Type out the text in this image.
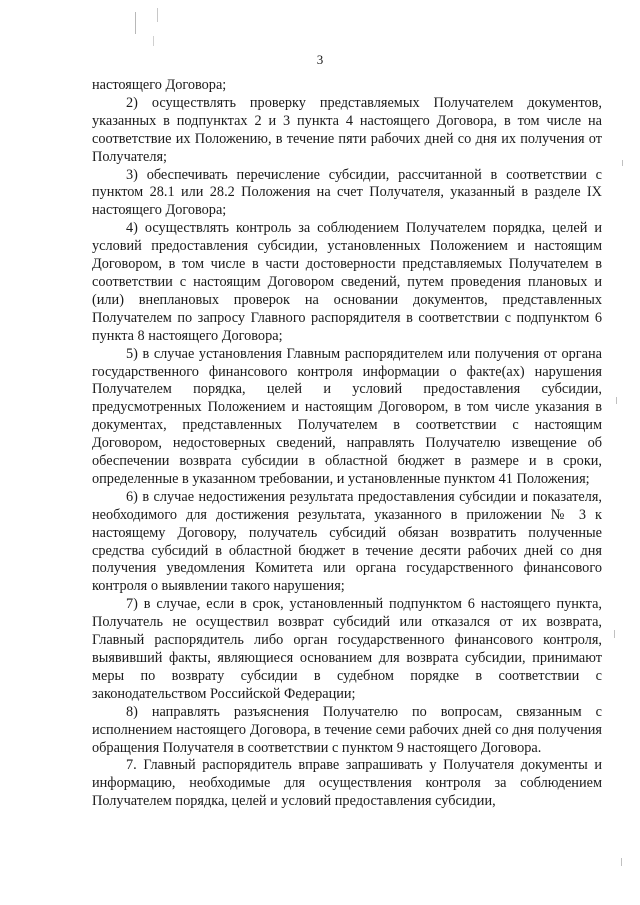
3

настоящего Договора;

2) осуществлять проверку представляемых Получателем документов, указанных в подпунктах 2 и 3 пункта 4 настоящего Договора, в том числе на соответствие их Положению, в течение пяти рабочих дней со дня их получения от Получателя;

3) обеспечивать перечисление субсидии, рассчитанной в соответствии с пунктом 28.1 или 28.2 Положения на счет Получателя, указанный в разделе IX настоящего Договора;

4) осуществлять контроль за соблюдением Получателем порядка, целей и условий предоставления субсидии, установленных Положением и настоящим Договором, в том числе в части достоверности представляемых Получателем в соответствии с настоящим Договором сведений, путем проведения плановых и (или) внеплановых проверок на основании документов, представленных Получателем по запросу Главного распорядителя в соответствии с подпунктом 6 пункта 8 настоящего Договора;

5) в случае установления Главным распорядителем или получения от органа государственного финансового контроля информации о факте(ах) нарушения Получателем порядка, целей и условий предоставления субсидии, предусмотренных Положением и настоящим Договором, в том числе указания в документах, представленных Получателем в соответствии с настоящим Договором, недостоверных сведений, направлять Получателю извещение об обеспечении возврата субсидии в областной бюджет в размере и в сроки, определенные в указанном требовании, и установленные пунктом 41 Положения;

6) в случае недостижения результата предоставления субсидии и показателя, необходимого для достижения результата, указанного в приложении № 3 к настоящему Договору, получатель субсидий обязан возвратить полученные средства субсидий в областной бюджет в течение десяти рабочих дней со дня получения уведомления Комитета или органа государственного финансового контроля о выявлении такого нарушения;

7) в случае, если в срок, установленный подпунктом 6 настоящего пункта, Получатель не осуществил возврат субсидий или отказался от их возврата, Главный распорядитель либо орган государственного финансового контроля, выявивший факты, являющиеся основанием для возврата субсидии, принимают меры по возврату субсидии в судебном порядке в соответствии с законодательством Российской Федерации;

8) направлять разъяснения Получателю по вопросам, связанным с исполнением настоящего Договора, в течение семи рабочих дней со дня получения обращения Получателя в соответствии с пунктом 9 настоящего Договора.

7. Главный распорядитель вправе запрашивать у Получателя документы и информацию, необходимые для осуществления контроля за соблюдением Получателем порядка, целей и условий предоставления субсидии,
